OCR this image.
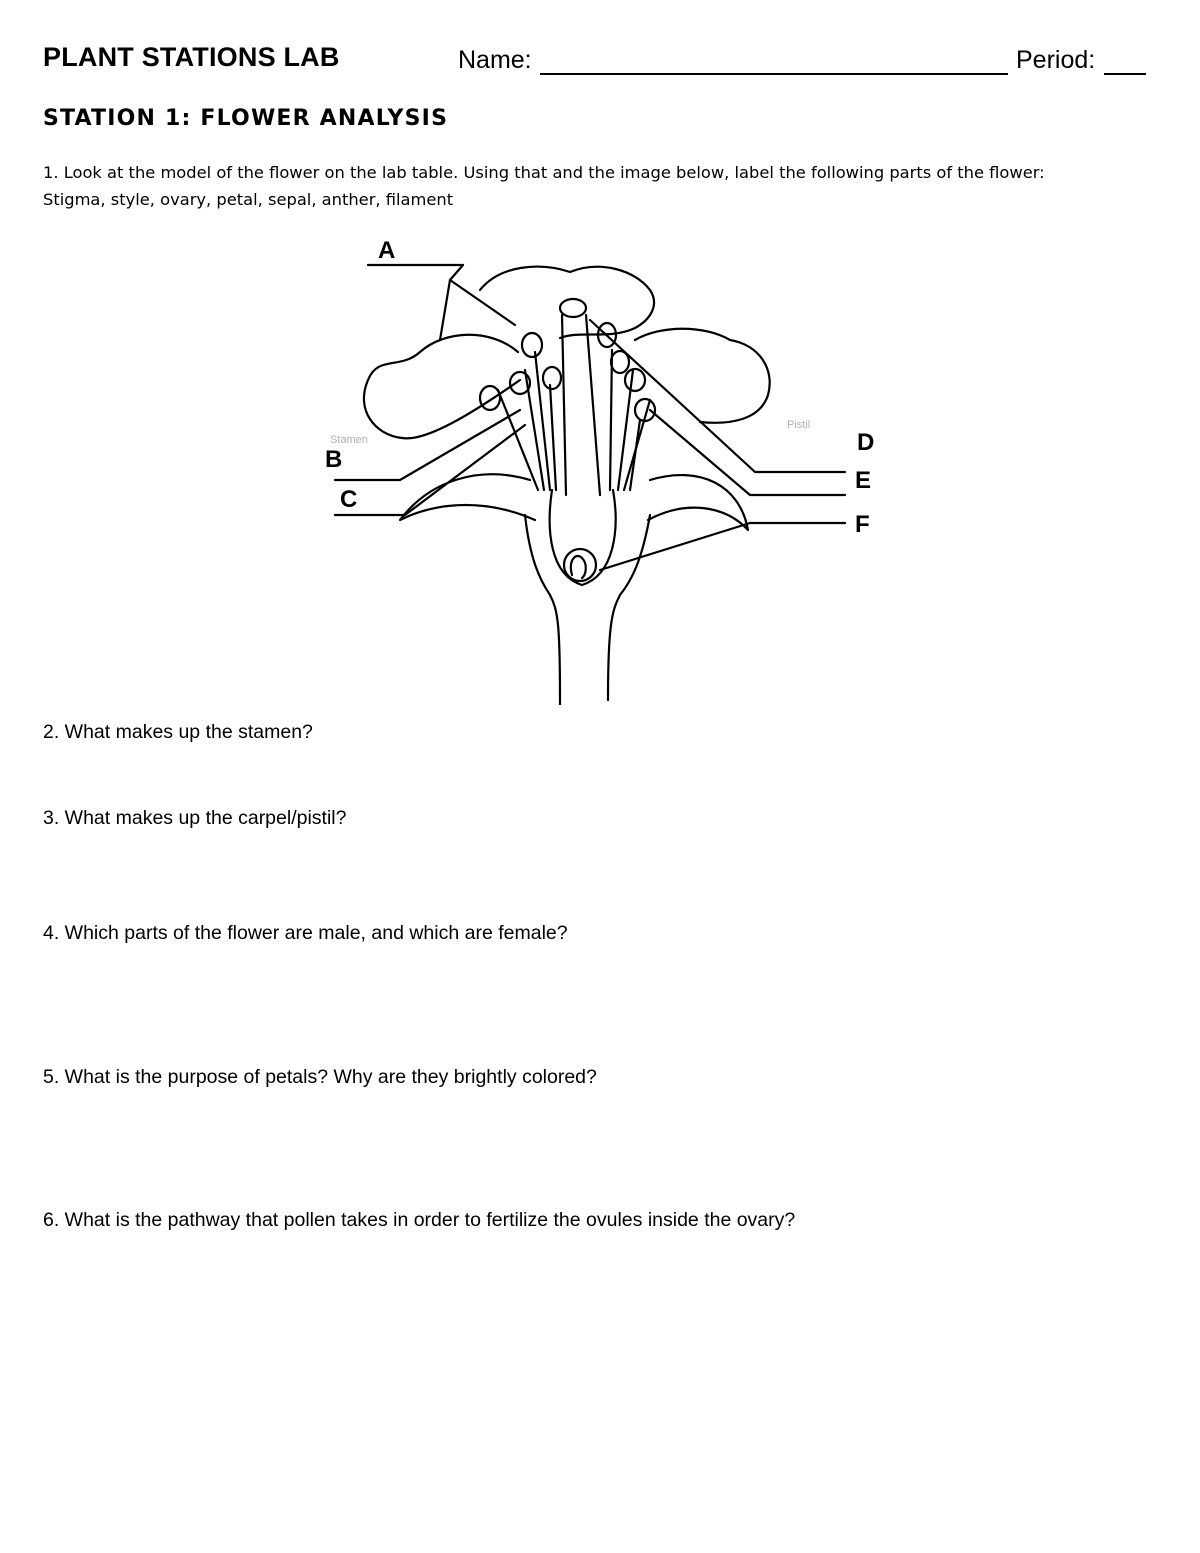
PLANT STATIONS LAB	Name:	Period:
STATION 1: FLOWER ANALYSIS
1. Look at the model of the flower on the lab table. Using that and the image below, label the following parts of the flower:
Stigma, style, ovary, petal, sepal, anther, filament
A
B
C
D
E
F
Stamen
Pistil
2. What makes up the stamen?
3. What makes up the carpel/pistil?
4. Which parts of the flower are male, and which are female?
5. What is the purpose of petals? Why are they brightly colored?
6. What is the pathway that pollen takes in order to fertilize the ovules inside the ovary?
